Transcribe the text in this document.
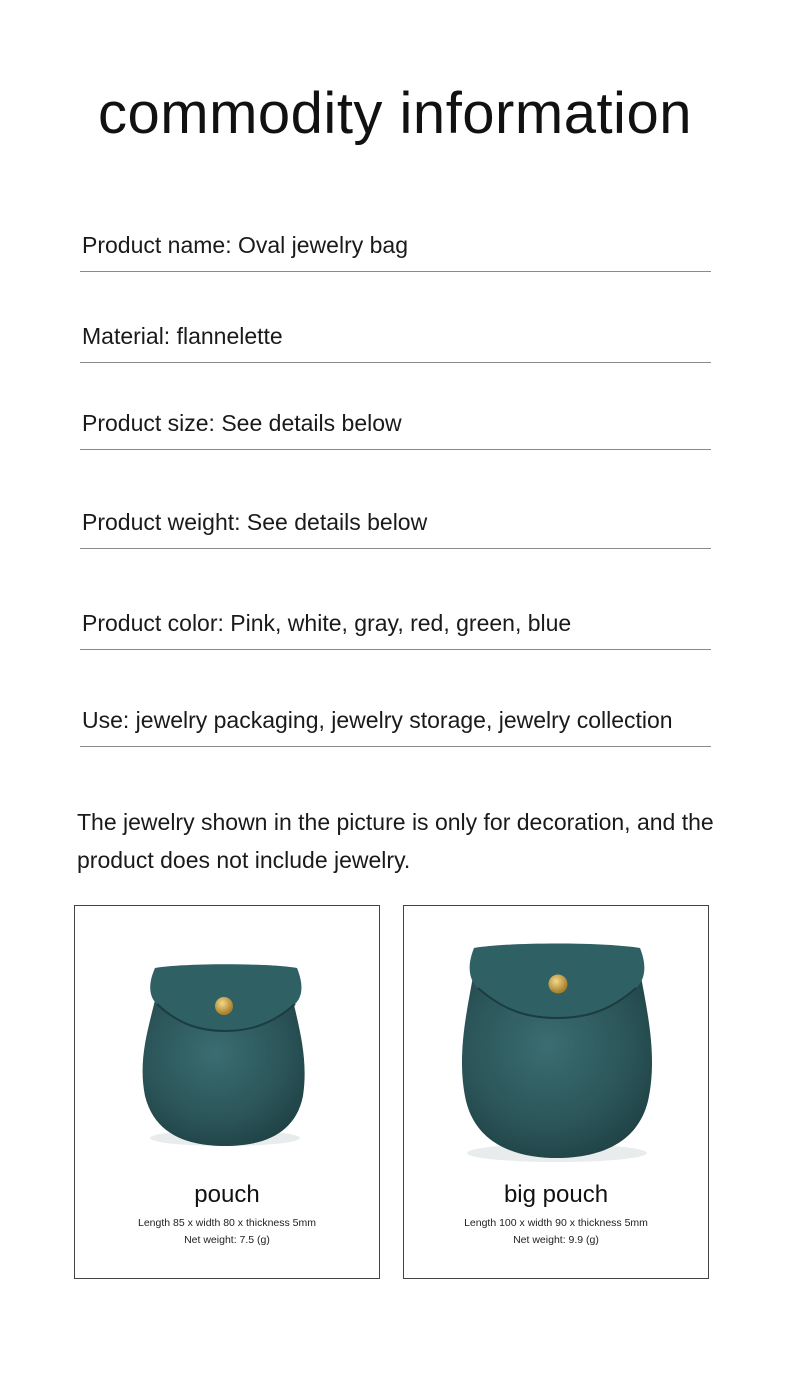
commodity information
Product name: Oval jewelry bag
Material: flannelette
Product size: See details below
Product weight: See details below
Product color: Pink, white, gray, red, green, blue
Use: jewelry packaging, jewelry storage, jewelry collection
The jewelry shown in the picture is only for decoration, and the
product does not include jewelry.
pouch
Length 85 x width 80 x thickness 5mm
Net weight: 7.5 (g)
big pouch
Length 100 x width 90 x thickness 5mm
Net weight: 9.9 (g)
